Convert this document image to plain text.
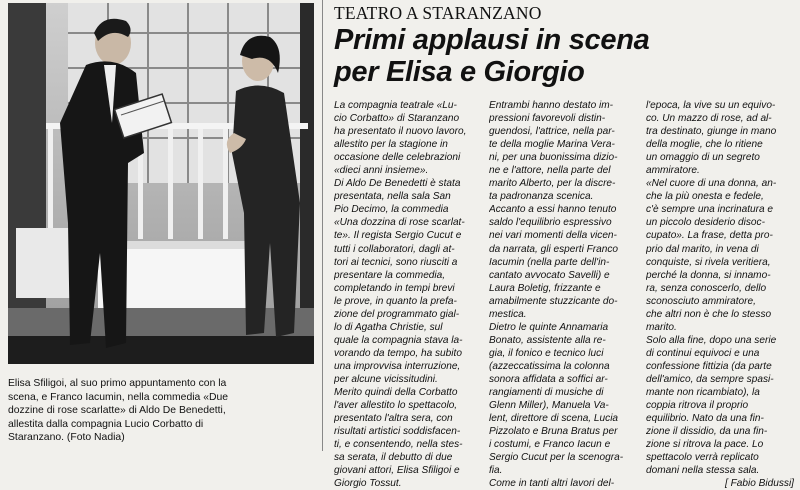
Elisa Sfiligoi, al suo primo appuntamento con la
scena, e Franco Iacumin, nella commedia «Due
dozzine di rose scarlatte» di Aldo De Benedetti,
allestita dalla compagnia Lucio Corbatto di
Staranzano. (Foto Nadia)
TEATRO A STARANZANO
Primi applausi in scena
per Elisa e Giorgio
La compagnia teatrale «Lu-
cio Corbatto» di Staranzano
ha presentato il nuovo lavoro,
allestito per la stagione in
occasione delle celebrazioni
«dieci anni insieme».
Di Aldo De Benedetti è stata
presentata, nella sala San
Pio Decimo, la commedia
«Una dozzina di rose scarlat-
te». Il regista Sergio Cucut e
tutti i collaboratori, dagli at-
tori ai tecnici, sono riusciti a
presentare la commedia,
completando in tempi brevi
le prove, in quanto la prefa-
zione del programmato gial-
lo di Agatha Christie, sul
quale la compagnia stava la-
vorando da tempo, ha subito
una improvvisa interruzione,
per alcune vicissitudini.
Merito quindi della Corbatto
l'aver allestito lo spettacolo,
presentato l'altra sera, con
risultati artistici soddisfacen-
ti, e consentendo, nella stes-
sa serata, il debutto di due
giovani attori, Elisa Sfiligoi e
Giorgio Tossut.
Entrambi hanno destato im-
pressioni favorevoli distin-
guendosi, l'attrice, nella par-
te della moglie Marina Vera-
ni, per una buonissima dizio-
ne e l'attore, nella parte del
marito Alberto, per la discre-
ta padronanza scenica.
Accanto a essi hanno tenuto
saldo l'equilibrio espressivo
nei vari momenti della vicen-
da narrata, gli esperti Franco
Iacumin (nella parte dell'in-
cantato avvocato Savelli) e
Laura Boletig, frizzante e
amabilmente stuzzicante do-
mestica.
Dietro le quinte Annamaria
Bonato, assistente alla re-
gia, il fonico e tecnico luci
(azzeccatissima la colonna
sonora affidata a soffici ar-
rangiamenti di musiche di
Glenn Miller), Manuela Va-
lent, direttore di scena, Lucia
Pizzolato e Bruna Bratus per
i costumi, e Franco Iacun e
Sergio Cucut per la scenogra-
fia.
Come in tanti altri lavori del-
l'epoca, la vive su un equivo-
co. Un mazzo di rose, ad al-
tra destinato, giunge in mano
della moglie, che lo ritiene
un omaggio di un segreto
ammiratore.
«Nel cuore di una donna, an-
che la più onesta e fedele,
c'è sempre una incrinatura e
un piccolo desiderio disoc-
cupato». La frase, detta pro-
prio dal marito, in vena di
conquiste, si rivela veritiera,
perché la donna, si innamo-
ra, senza conoscerlo, dello
sconosciuto ammiratore,
che altri non è che lo stesso
marito.
Solo alla fine, dopo una serie
di continui equivoci e una
confessione fittizia (da parte
dell'amico, da sempre spasi-
mante non ricambiato), la
coppia ritrova il proprio
equilibrio. Nato da una fin-
zione il dissidio, da una fin-
zione si ritrova la pace. Lo
spettacolo verrà replicato
domani nella stessa sala.
[ Fabio Bidussi]
